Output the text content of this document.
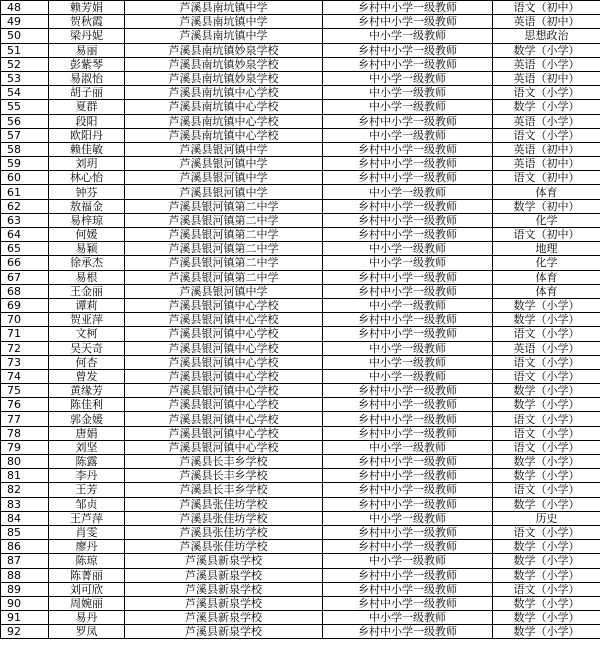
48	赖芳娟	芦溪县南坑镇中学	乡村中小学一级教师	语文（初中）
49	贺秋霞	芦溪县南坑镇中学	乡村中小学一级教师	英语（初中）
50	梁丹妮	芦溪县南坑镇中学	中小学一级教师	思想政治
51	易丽	芦溪县南坑镇妙泉学校	乡村中小学一级教师	数学（小学）
52	彭紫琴	芦溪县南坑镇妙泉学校	乡村中小学一级教师	英语（小学）
53	易淑怡	芦溪县南坑镇妙泉学校	中小学一级教师	英语（初中）
54	胡子丽	芦溪县南坑镇中心学校	中小学一级教师	语文（小学）
55	夏群	芦溪县南坑镇中心学校	中小学一级教师	数学（小学）
56	段阳	芦溪县南坑镇中心学校	乡村中小学一级教师	英语（小学）
57	欧阳丹	芦溪县南坑镇中心学校	中小学一级教师	语文（小学）
58	赖佳敏	芦溪县银河镇中学	乡村中小学一级教师	英语（初中）
59	刘玥	芦溪县银河镇中学	乡村中小学一级教师	英语（初中）
60	林心怡	芦溪县银河镇中学	乡村中小学一级教师	语文（初中）
61	钟芬	芦溪县银河镇中学	中小学一级教师	体育
62	敖福金	芦溪县银河镇第二中学	乡村中小学一级教师	数学（初中）
63	易梓琼	芦溪县银河镇第二中学	乡村中小学一级教师	化学
64	何媛	芦溪县银河镇第二中学	乡村中小学一级教师	语文（初中）
65	易颖	芦溪县银河镇第二中学	中小学一级教师	地理
66	徐承杰	芦溪县银河镇第二中学	中小学一级教师	化学
67	易根	芦溪县银河镇第二中学	乡村中小学一级教师	体育
68	王金丽	芦溪县银河镇中学	乡村中小学一级教师	体育
69	谭莉	芦溪县银河镇中心学校	中小学一级教师	数学（小学）
70	贺亚萍	芦溪县银河镇中心学校	乡村中小学一级教师	数学（小学）
71	文柯	芦溪县银河镇中心学校	乡村中小学一级教师	语文（小学）
72	吴天奇	芦溪县银河镇中心学校	中小学一级教师	英语（小学）
73	何杏	芦溪县银河镇中心学校	中小学一级教师	语文（小学）
74	曾发	芦溪县银河镇中心学校	中小学一级教师	语文（小学）
75	黄缘芳	芦溪县银河镇中心学校	乡村中小学一级教师	数学（小学）
76	陈佳利	芦溪县银河镇中心学校	乡村中小学一级教师	数学（小学）
77	郭金媛	芦溪县银河镇中心学校	乡村中小学一级教师	语文（小学）
78	唐娟	芦溪县银河镇中心学校	乡村中小学一级教师	语文（小学）
79	刘坚	芦溪县银河镇中心学校	中小学一级教师	语文（小学）
80	陈露	芦溪县长丰乡学校	乡村中小学一级教师	数学（小学）
81	李丹	芦溪县长丰乡学校	乡村中小学一级教师	数学（小学）
82	王芳	芦溪县长丰乡学校	乡村中小学一级教师	语文（小学）
83	邹贞	芦溪县张佳坊学校	乡村中小学一级教师	数学（小学）
84	王芦萍	芦溪县张佳坊学校	中小学一级教师	历史
85	肖雯	芦溪县张佳坊学校	乡村中小学一级教师	语文（小学）
86	廖丹	芦溪县张佳坊学校	乡村中小学一级教师	数学（小学）
87	陈琼	芦溪县新泉学校	中小学一级教师	数学（小学）
88	陈菁丽	芦溪县新泉学校	乡村中小学一级教师	数学（小学）
89	刘可欣	芦溪县新泉学校	乡村中小学一级教师	语文（小学）
90	周婉丽	芦溪县新泉学校	乡村中小学一级教师	数学（小学）
91	易丹	芦溪县新泉学校	中小学一级教师	数学（小学）
92	罗凤	芦溪县新泉学校	乡村中小学一级教师	数学（小学）
